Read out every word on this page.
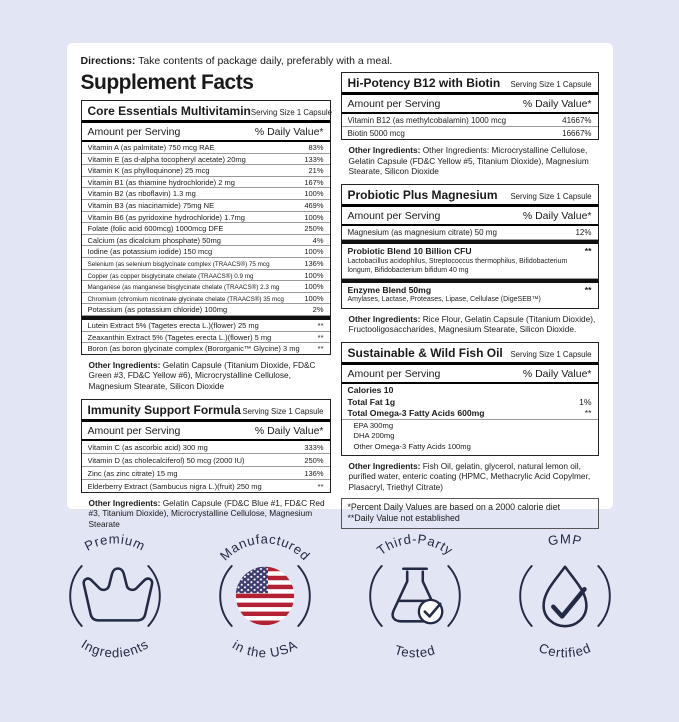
Directions: Take contents of package daily, preferably with a meal.
Supplement Facts
Core Essentials Multivitamin Serving Size 1 Capsule
Amount per Serving	% Daily Value*
Vitamin A (as palmitate) 750 mcg RAE	83%
Vitamin E (as d-alpha tocopheryl acetate) 20mg	133%
Vitamin K (as phylloquinone) 25 mcg	21%
Vitamin B1 (as thiamine hydrochloride) 2 mg	167%
Vitamin B2 (as riboflavin) 1.3 mg	100%
Vitamin B3 (as niacinamide) 75mg NE	469%
Vitamin B6 (as pyridoxine hydrochloride) 1.7mg	100%
Folate (folic acid 600mcg) 1000mcg DFE	250%
Calcium (as dicalcium phosphate) 50mg	4%
Iodine (as potassium iodide) 150 mcg	100%
Selenium (as selenium bisglycinate complex (TRAACS®) 75 mcg	136%
Copper (as copper bisglycinate chelate (TRAACS®) 0.9 mg	100%
Manganese (as manganese bisglycinate chelate (TRAACS®) 2.3 mg	100%
Chromium (chromium nicotinate glycinate chelate (TRAACS®) 35 mcg	100%
Potassium (as potassium chloride) 100mg	2%
Lutein Extract 5% (Tagetes erecta L.)(flower) 25 mg	**
Zeaxanthin Extract 5% (Tagetes erecta L.)(flower) 5 mg	**
Boron (as boron glycinate complex (Bororganic™ Glycine) 3 mg **
Other Ingredients: Gelatin Capsule (Titanium Dioxide, FD&C Green #3, FD&C Yellow #6), Microcrystalline Cellulose, Magnesium Stearate, Silicon Dioxide
Immunity Support Formula Serving Size 1 Capsule
Amount per Serving	% Daily Value*
Vitamin C (as ascorbic acid) 300 mg	333%
Vitamin D (as cholecalciferol) 50 mcg (2000 IU)	250%
Zinc (as zinc citrate) 15 mg	136%
Elderberry Extract (Sambucus nigra L.)(fruit) 250 mg	**
Other Ingredients: Gelatin Capsule (FD&C Blue #1, FD&C Red #3, Titanium Dioxide), Microcrystalline Cellulose, Magnesium Stearate
Hi-Potency B12 with Biotin Serving Size 1 Capsule
Amount per Serving	% Daily Value*
Vitamin B12 (as methylcobalamin) 1000 mcg	41667%
Biotin 5000 mcg	16667%
Other Ingredients: Other Ingredients: Microcrystalline Cellulose, Gelatin Capsule (FD&C Yellow #5, Titanium Dioxide), Magnesium Stearate, Silicon Dioxide
Probiotic Plus Magnesium Serving Size 1 Capsule
Amount per Serving	% Daily Value*
Magnesium (as magnesium citrate) 50 mg	12%
Probiotic Blend 10 Billion CFU	**
Lactobacillus acidophilus, Streptococcus thermophilus, Bifidobacterium longum, Bifidobacterium bifidum 40 mg
Enzyme Blend 50mg	**
Amylases, Lactase, Proteases, Lipase, Cellulase (DigeSEB™)
Other Ingredients: Rice Flour, Gelatin Capsule (Titanium Dioxide), Fructooligosaccharides, Magnesium Stearate, Silicon Dioxide.
Sustainable & Wild Fish Oil Serving Size 1 Capsule
Amount per Serving	% Daily Value*
Calories 10
Total Fat 1g	1%
Total Omega-3 Fatty Acids 600mg	**
EPA 300mg
DHA 200mg
Other Omega-3 Fatty Acids 100mg
Other Ingredients: Fish Oil, gelatin, glycerol, natural lemon oil, purified water, enteric coating (HPMC, Methacrylic Acid Copylmer, Plasacryl, Triethyl Citrate)
*Percent Daily Values are based on a 2000 calorie diet
**Daily Value not established
Premium
Ingredients
Manufactured
in the USA
Third-Party
Tested
GMP
Certified
